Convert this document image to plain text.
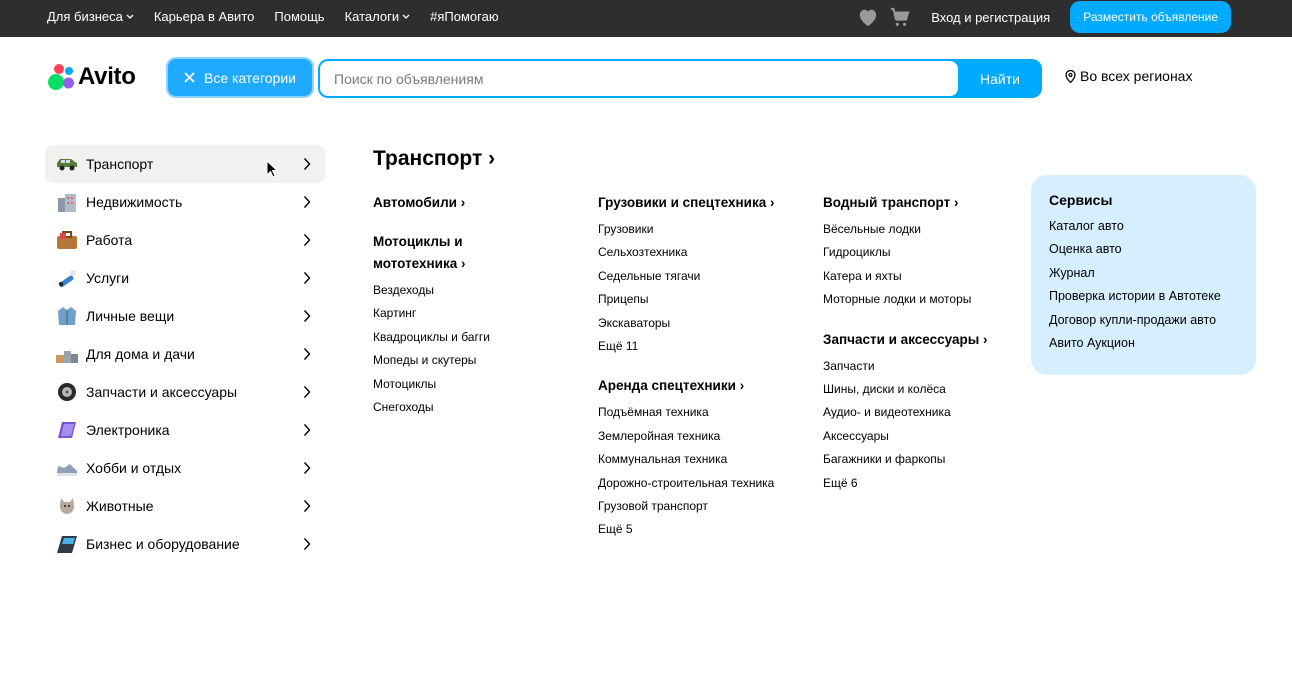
Для бизнеса Карьера в Авито Помощь Каталоги #яПомогаю	Вход и регистрация	Разместить объявление
Avito	Все категории
Поиск по объявлениям	Найти	Во всех регионах
Транспорт
Недвижимость
Работа
Услуги
Личные вещи
Для дома и дачи
Запчасти и аксессуары
Электроника
Хобби и отдых
Животные
Бизнес и оборудование
Транспорт ›
Автомобили ›
Мотоциклы и мототехника ›
Вездеходы
Картинг
Квадроциклы и багги
Мопеды и скутеры
Мотоциклы
Снегоходы
Грузовики и спецтехника ›
Грузовики
Сельхозтехника
Седельные тягачи
Прицепы
Экскаваторы
Ещё 11
Аренда спецтехники ›
Подъёмная техника
Землеройная техника
Коммунальная техника
Дорожно-строительная техника
Грузовой транспорт
Ещё 5
Водный транспорт ›
Вёсельные лодки
Гидроциклы
Катера и яхты
Моторные лодки и моторы
Запчасти и аксессуары ›
Запчасти
Шины, диски и колёса
Аудио- и видеотехника
Аксессуары
Багажники и фаркопы
Ещё 6
Сервисы
Каталог авто
Оценка авто
Журнал
Проверка истории в Автотеке
Договор купли-продажи авто
Авито Аукцион
